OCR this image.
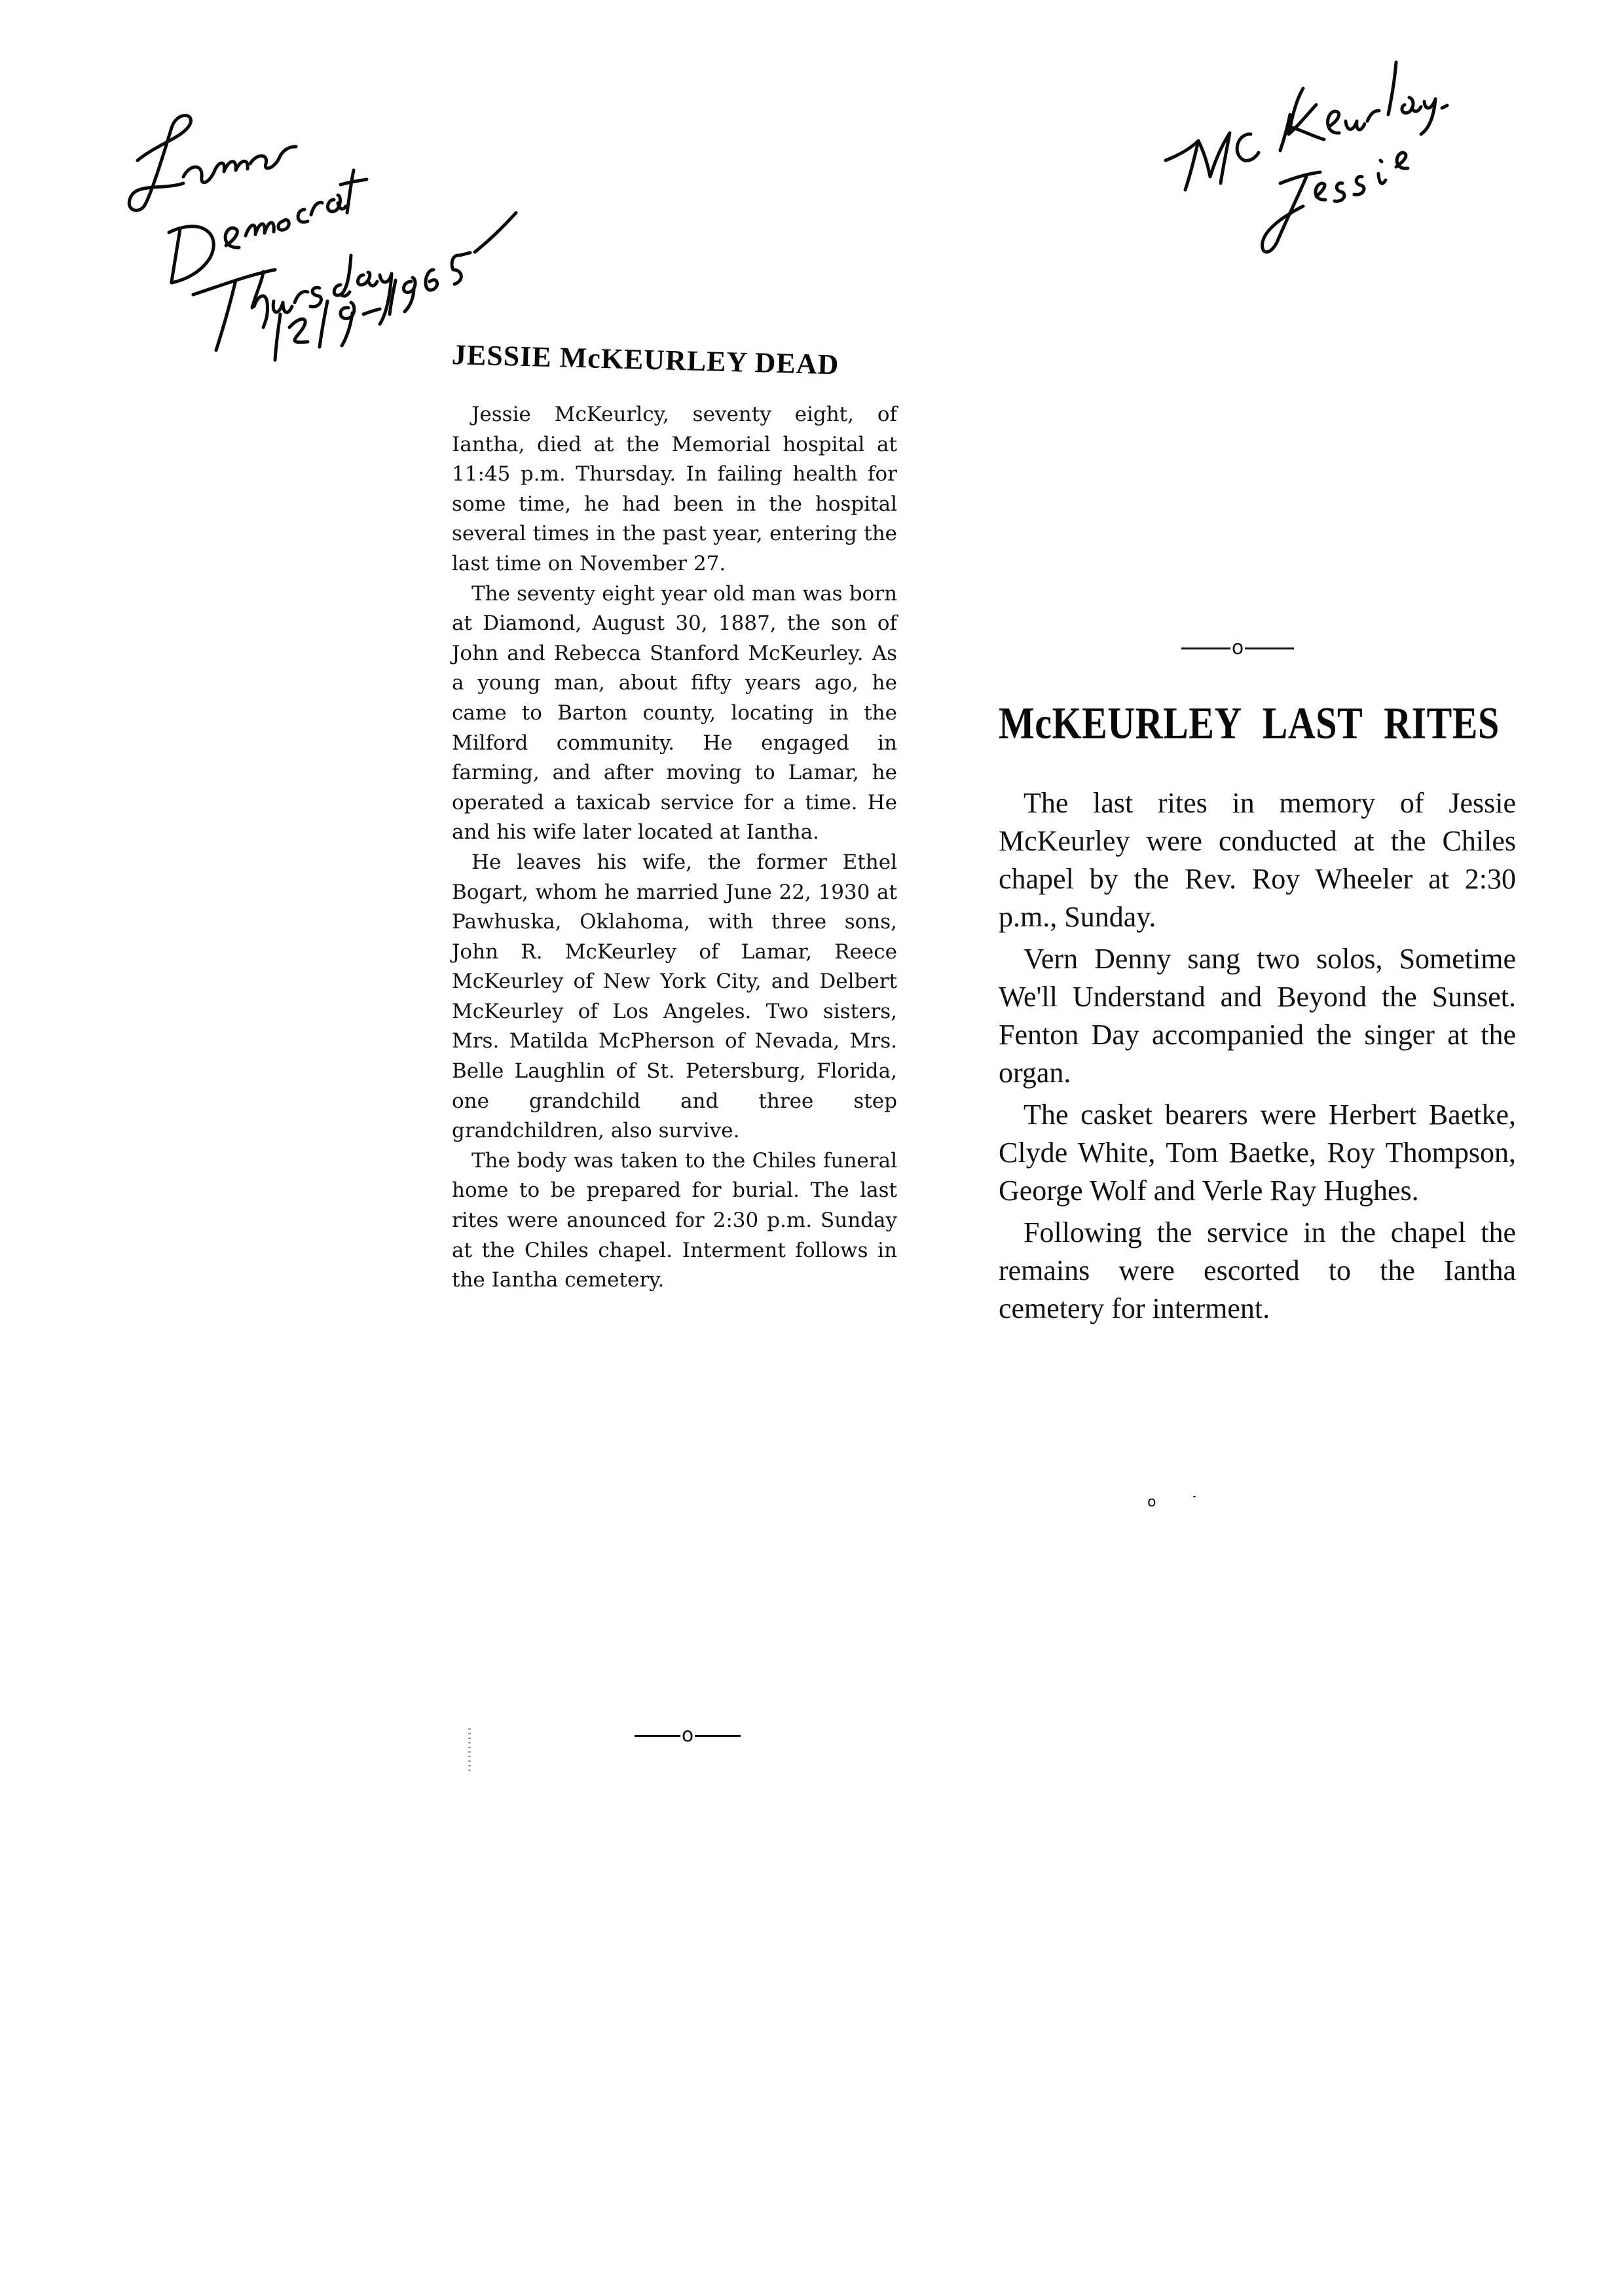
JESSIE McKEURLEY DEAD

Jessie McKeurlcy, seventy eight, of Iantha, died at the Memorial hospital at 11:45 p.m. Thursday. In failing health for some time, he had been in the hospital several times in the past year, entering the last time on November 27.

The seventy eight year old man was born at Diamond, August 30, 1887, the son of John and Rebecca Stanford McKeurley. As a young man, about fifty years ago, he came to Barton county, locating in the Milford community. He engaged in farming, and after moving to Lamar, he operated a taxicab service for a time. He and his wife later located at Iantha.

He leaves his wife, the former Ethel Bogart, whom he married June 22, 1930 at Pawhuska, Oklahoma, with three sons, John R. McKeurley of Lamar, Reece McKeurley of New York City, and Delbert McKeurley of Los Angeles. Two sisters, Mrs. Matilda McPherson of Nevada, Mrs. Belle Laughlin of St. Petersburg, Florida, one grandchild and three step grandchildren, also survive.

The body was taken to the Chiles funeral home to be prepared for burial. The last rites were anounced for 2:30 p.m. Sunday at the Chiles chapel. Interment follows in the Iantha cemetery.

o
o
McKEURLEY LAST RITES

The last rites in memory of Jessie McKeurley were conducted at the Chiles chapel by the Rev. Roy Wheeler at 2:30 p.m., Sunday.

Vern Denny sang two solos, Sometime We'll Understand and Beyond the Sunset. Fenton Day accompanied the singer at the organ.

The casket bearers were Herbert Baetke, Clyde White, Tom Baetke, Roy Thompson, George Wolf and Verle Ray Hughes.

Following the service in the chapel the remains were escorted to the Iantha cemetery for interment.

o
